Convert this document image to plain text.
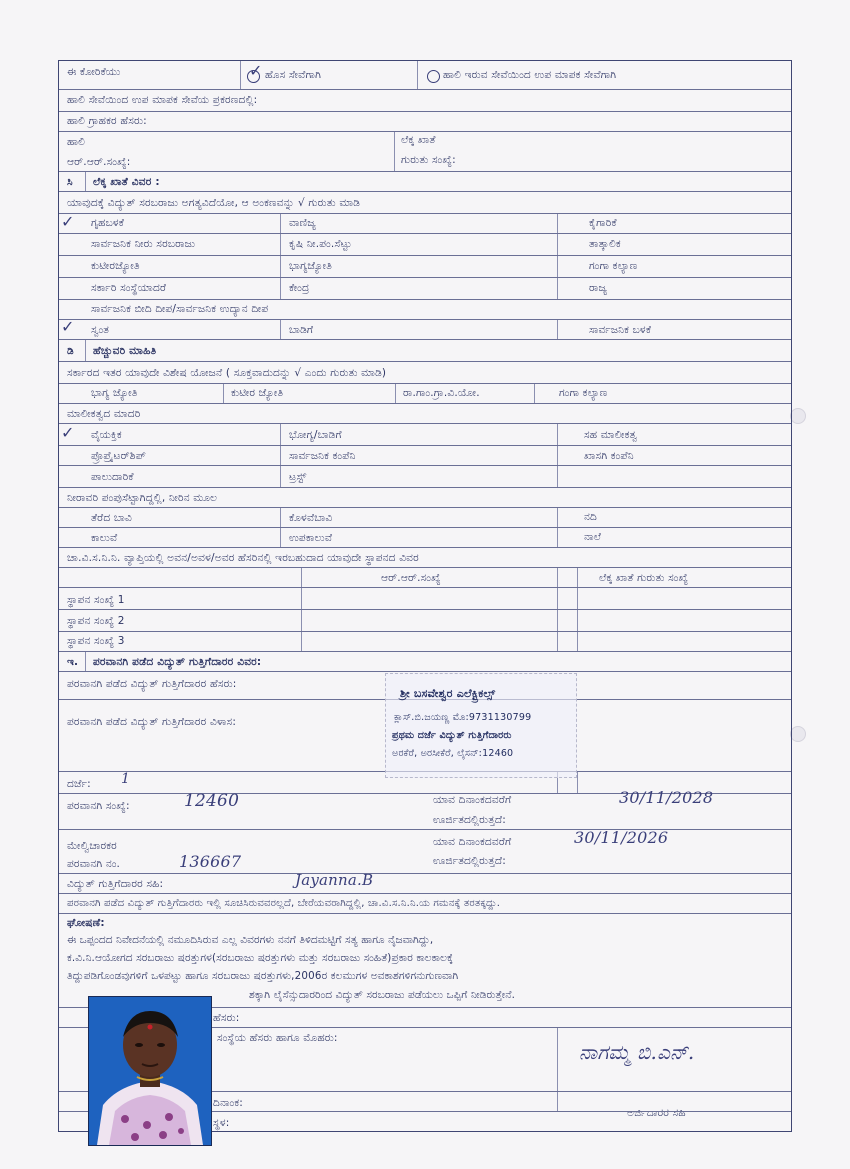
ಈ ಕೋರಿಕೆಯು	✓ ಹೊಸ ಸೇವೆಗಾಗಿ	ಹಾಲಿ ಇರುವ ಸೇವೆಯಿಂದ ಉಪ ಮಾಪಕ ಸೇವೆಗಾಗಿ
ಹಾಲಿ ಸೇವೆಯಿಂದ ಉಪ ಮಾಪಕ ಸೇವೆಯ ಪ್ರಕರಣದಲ್ಲಿ:
ಹಾಲಿ ಗ್ರಾಹಕರ ಹೆಸರು:
ಹಾಲಿ
ಆರ್.ಆರ್.ಸಂಖ್ಯೆ:
ಲೆಕ್ಕ ಖಾತೆ
ಗುರುತು ಸಂಖ್ಯೆ:
ಸಿ ಲೆಕ್ಕ ಖಾತೆ ವಿವರ :
ಯಾವುದಕ್ಕೆ ವಿದ್ಯುತ್ ಸರಬರಾಜು ಅಗತ್ಯವಿದೆಯೋ, ಆ ಅಂಕಣವನ್ನು √ ಗುರುತು ಮಾಡಿ
✓ ಗೃಹಬಳಕೆ	ವಾಣಿಜ್ಯ	ಕೈಗಾರಿಕೆ
ಸಾರ್ವಜನಿಕ ನೀರು ಸರಬರಾಜು	ಕೃಷಿ ನೀ.ಪಂ.ಸೆಟ್ಟು	ತಾತ್ಕಾಲಿಕ
ಕುಟೀರಜ್ಯೋತಿ	ಭಾಗ್ಯಜ್ಯೋತಿ	ಗಂಗಾ ಕಲ್ಯಾಣ
ಸರ್ಕಾರಿ ಸಂಸ್ಥೆಯಾದರೆ	ಕೇಂದ್ರ	ರಾಜ್ಯ
ಸಾರ್ವಜನಿಕ ಬೀದಿ ದೀಪ/ಸಾರ್ವಜನಿಕ ಉದ್ಯಾನ ದೀಪ
✓ ಸ್ವಂತ	ಬಾಡಿಗೆ	ಸಾರ್ವಜನಿಕ ಬಳಕೆ
ಡಿ ಹೆಚ್ಚುವರಿ ಮಾಹಿತಿ
ಸರ್ಕಾರದ ಇತರ ಯಾವುದೇ ವಿಶೇಷ ಯೋಜನೆ ( ಸೂಕ್ತವಾದುದನ್ನು √ ಎಂದು ಗುರುತು ಮಾಡಿ)
ಭಾಗ್ಯ ಜ್ಯೋತಿ	ಕುಟೀರ ಜ್ಯೋತಿ	ರಾ.ಗಾಂ.ಗ್ರಾ.ವಿ.ಯೋ.	ಗಂಗಾ ಕಲ್ಯಾಣ
ಮಾಲೀಕತ್ವದ ಮಾದರಿ
✓ ವೈಯಕ್ತಿಕ	ಭೋಗ್ಯ/ಬಾಡಿಗೆ	ಸಹ ಮಾಲೀಕತ್ವ
ಪ್ರೊಪ್ರೈಟರ್‌ಶಿಪ್	ಸಾರ್ವಜನಿಕ ಕಂಪೆನಿ	ಖಾಸಗಿ ಕಂಪೆನಿ
ಪಾಲುದಾರಿಕೆ	ಟ್ರಸ್ಟ್
ನೀರಾವರಿ ಪಂಪುಸೆಟ್ಟಾಗಿದ್ದಲ್ಲಿ, ನೀರಿನ ಮೂಲ
ತೆರೆದ ಬಾವಿ	ಕೊಳವೆಬಾವಿ	ನದಿ
ಕಾಲುವೆ	ಉಪಕಾಲುವೆ	ನಾಲೆ
ಚಾ.ವಿ.ಸ.ನಿ.ನಿ. ವ್ಯಾಪ್ತಿಯಲ್ಲಿ ಅವನ/ಅವಳ/ಅವರ ಹೆಸರಿನಲ್ಲಿ ಇರಬಹುದಾದ ಯಾವುದೇ ಸ್ಥಾಪನದ ವಿವರ
ಆರ್.ಆರ್.ಸಂಖ್ಯೆ	ಲೆಕ್ಕ ಖಾತೆ ಗುರುತು ಸಂಖ್ಯೆ
ಸ್ಥಾಪನ ಸಂಖ್ಯೆ 1
ಸ್ಥಾಪನ ಸಂಖ್ಯೆ 2
ಸ್ಥಾಪನ ಸಂಖ್ಯೆ 3
ಇ. ಪರವಾನಗಿ ಪಡೆದ ವಿದ್ಯುತ್ ಗುತ್ತಿಗೆದಾರರ ವಿವರ:
ಪರವಾನಗಿ ಪಡೆದ ವಿದ್ಯುತ್ ಗುತ್ತಿಗೆದಾರರ ಹೆಸರು:
ಪರವಾನಗಿ ಪಡೆದ ವಿದ್ಯುತ್ ಗುತ್ತಿಗೆದಾರರ ವಿಳಾಸ:
ದರ್ಜೆ: 1
ಪರವಾನಗಿ ಸಂಖ್ಯೆ:	12460	ಯಾವ ದಿನಾಂಕದವರೆಗೆ	30/11/2028
ಊರ್ಜಿತದಲ್ಲಿರುತ್ತದೆ:
ಮೇಲ್ವಿಚಾರಕರ
ಪರವಾನಗಿ ನಂ.	136667
ಯಾವ ದಿನಾಂಕದವರೆಗೆ	30/11/2026
ಊರ್ಜಿತದಲ್ಲಿರುತ್ತದೆ:
ವಿದ್ಯುತ್ ಗುತ್ತಿಗೆದಾರರ ಸಹಿ:	Jayanna.B
ಪರವಾನಗಿ ಪಡೆದ ವಿದ್ಯುತ್ ಗುತ್ತಿಗೆದಾರರು ಇಲ್ಲಿ ಸೂಚಿಸಿರುವವರಲ್ಲದೆ, ಬೇರೆಯವರಾಗಿದ್ದಲ್ಲಿ, ಚಾ.ವಿ.ಸ.ನಿ.ನಿ.ಯ ಗಮನಕ್ಕೆ ತರತಕ್ಕದ್ದು.
ಘೋಷಣೆ:
ಈ ಒಪ್ಪಂದದ ನಿವೇದನೆಯಲ್ಲಿ ನಮೂದಿಸಿರುವ ಎಲ್ಲ ವಿವರಗಳು ನನಗೆ ತಿಳಿದಮಟ್ಟಿಗೆ ಸತ್ಯ ಹಾಗೂ ನೈಜವಾಗಿದ್ದು,
ಕ.ವಿ.ನಿ.ಆಯೋಗದ ಸರಬರಾಜು ಷರತ್ತುಗಳ(ಸರಬರಾಜು ಷರತ್ತುಗಳು ಮತ್ತು ಸರಬರಾಜು ಸಂಹಿತೆ)ಪ್ರಕಾರ ಕಾಲಕಾಲಕ್ಕೆ
ತಿದ್ದುಪಡಿಗೊಂಡವುಗಳಿಗೆ ಒಳಪಟ್ಟು ಹಾಗೂ ಸರಬರಾಜು ಷರತ್ತುಗಳು,2006ರ ಕಲಮುಗಳ ಅವಕಾಶಗಳಿಗನುಗುಣವಾಗಿ
ಶಕ್ಕಾಗಿ ಲೈಸೆನ್ಸುದಾರರಿಂದ ವಿದ್ಯುತ್ ಸರಬರಾಜು ಪಡೆಯಲು ಒಪ್ಪಿಗೆ ನೀಡಿರುತ್ತೇನೆ.
ಹೆಸರು:
ಸಂಸ್ಥೆಯ ಹೆಸರು ಹಾಗೂ ಮೊಹರು:
ನಾಗಮ್ಮ ಬಿ.ಎನ್.
ದಿನಾಂಕ:
ಅರ್ಜಿದಾರರ ಸಹಿ
ಸ್ಥಳ:
ಶ್ರೀ ಬಸವೇಶ್ವರ ಎಲೆಕ್ಟ್ರಿಕಲ್ಸ್
ಕ್ಲಾಸ್.ಬಿ.ಜಯಣ್ಣ ಮೊ:9731130799
ಪ್ರಥಮ ದರ್ಜೆ ವಿದ್ಯುತ್ ಗುತ್ತಿಗೆದಾರರು
ಅರಕೆರೆ, ಅರಸೀಕೆರೆ, ಲೈಸನ್:12460
